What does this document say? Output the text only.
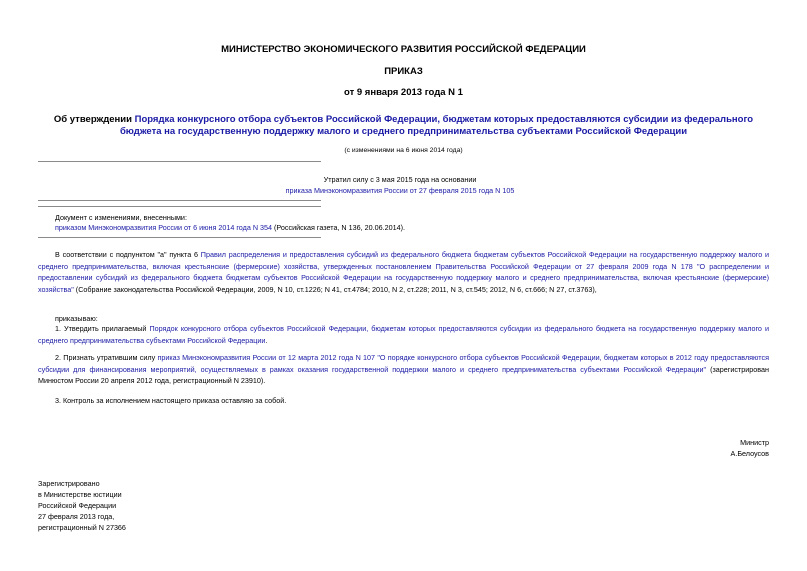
МИНИСТЕРСТВО ЭКОНОМИЧЕСКОГО РАЗВИТИЯ РОССИЙСКОЙ ФЕДЕРАЦИИ
ПРИКАЗ
от 9 января 2013 года N 1
Об утверждении Порядка конкурсного отбора субъектов Российской Федерации, бюджетам которых предоставляются субсидии из федерального бюджета на государственную поддержку малого и среднего предпринимательства субъектами Российской Федерации
(с изменениями на 6 июня 2014 года)
Утратил силу с 3 мая 2015 года на основании
приказа Минэкономразвития России от 27 февраля 2015 года N 105
Документ с изменениями, внесенными:
приказом Минэкономразвития России от 6 июня 2014 года N 354 (Российская газета, N 136, 20.06.2014).
В соответствии с подпунктом "а" пункта 6 Правил распределения и предоставления субсидий из федерального бюджета бюджетам субъектов Российской Федерации на государственную поддержку малого и среднего предпринимательства, включая крестьянские (фермерские) хозяйства, утвержденных постановлением Правительства Российской Федерации от 27 февраля 2009 года N 178 "О распределении и предоставлении субсидий из федерального бюджета бюджетам субъектов Российской Федерации на государственную поддержку малого и среднего предпринимательства, включая крестьянские (фермерские) хозяйства" (Собрание законодательства Российской Федерации, 2009, N 10, ст.1226; N 41, ст.4784; 2010, N 2, ст.228; 2011, N 3, ст.545; 2012, N 6, ст.666; N 27, ст.3763),
приказываю:
1. Утвердить прилагаемый Порядок конкурсного отбора субъектов Российской Федерации, бюджетам которых предоставляются субсидии из федерального бюджета на государственную поддержку малого и среднего предпринимательства субъектами Российской Федерации.
2. Признать утратившим силу приказ Минэкономразвития России от 12 марта 2012 года N 107 "О порядке конкурсного отбора субъектов Российской Федерации, бюджетам которых в 2012 году предоставляются субсидии для финансирования мероприятий, осуществляемых в рамках оказания государственной поддержки малого и среднего предпринимательства субъектами Российской Федерации" (зарегистрирован Минюстом России 20 апреля 2012 года, регистрационный N 23910).
3. Контроль за исполнением настоящего приказа оставляю за собой.
Министр
А.Белоусов
Зарегистрировано
в Министерстве юстиции
Российской Федерации
27 февраля 2013 года,
регистрационный N 27366
